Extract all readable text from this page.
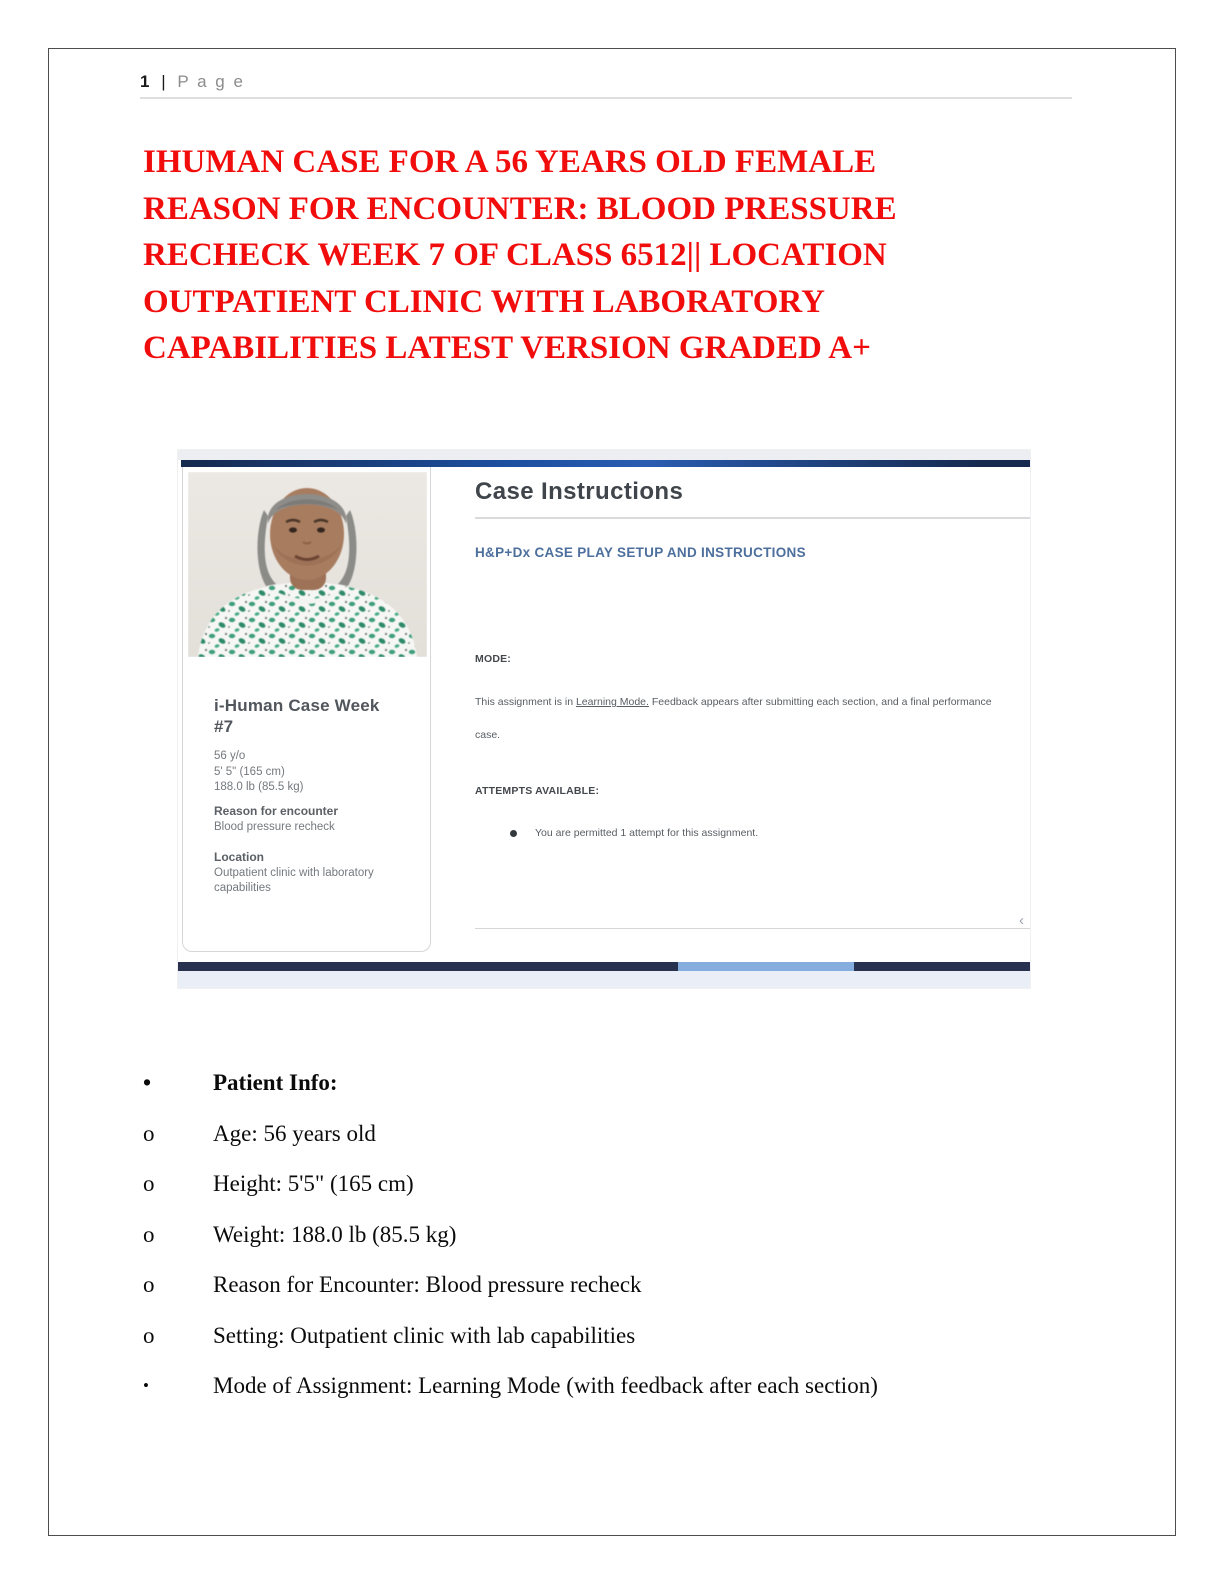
1 | P a g e
IHUMAN CASE FOR A 56 YEARS OLD FEMALE
REASON FOR ENCOUNTER: BLOOD PRESSURE
RECHECK WEEK 7 OF CLASS 6512|| LOCATION
OUTPATIENT CLINIC WITH LABORATORY
CAPABILITIES LATEST VERSION GRADED A+
i-Human Case Week
#7
56 y/o
5' 5" (165 cm)
188.0 lb (85.5 kg)
Reason for encounter
Blood pressure recheck
Location
Outpatient clinic with laboratory
capabilities
Case Instructions
H&P+Dx CASE PLAY SETUP AND INSTRUCTIONS
MODE:
This assignment is in Learning Mode. Feedback appears after submitting each section, and a final performance
case.
ATTEMPTS AVAILABLE:
You are permitted 1 attempt for this assignment.
‹
•	Patient Info:
o	Age: 56 years old
o	Height: 5'5" (165 cm)
o	Weight: 188.0 lb (85.5 kg)
o	Reason for Encounter: Blood pressure recheck
o	Setting: Outpatient clinic with lab capabilities
•	Mode of Assignment: Learning Mode (with feedback after each section)
